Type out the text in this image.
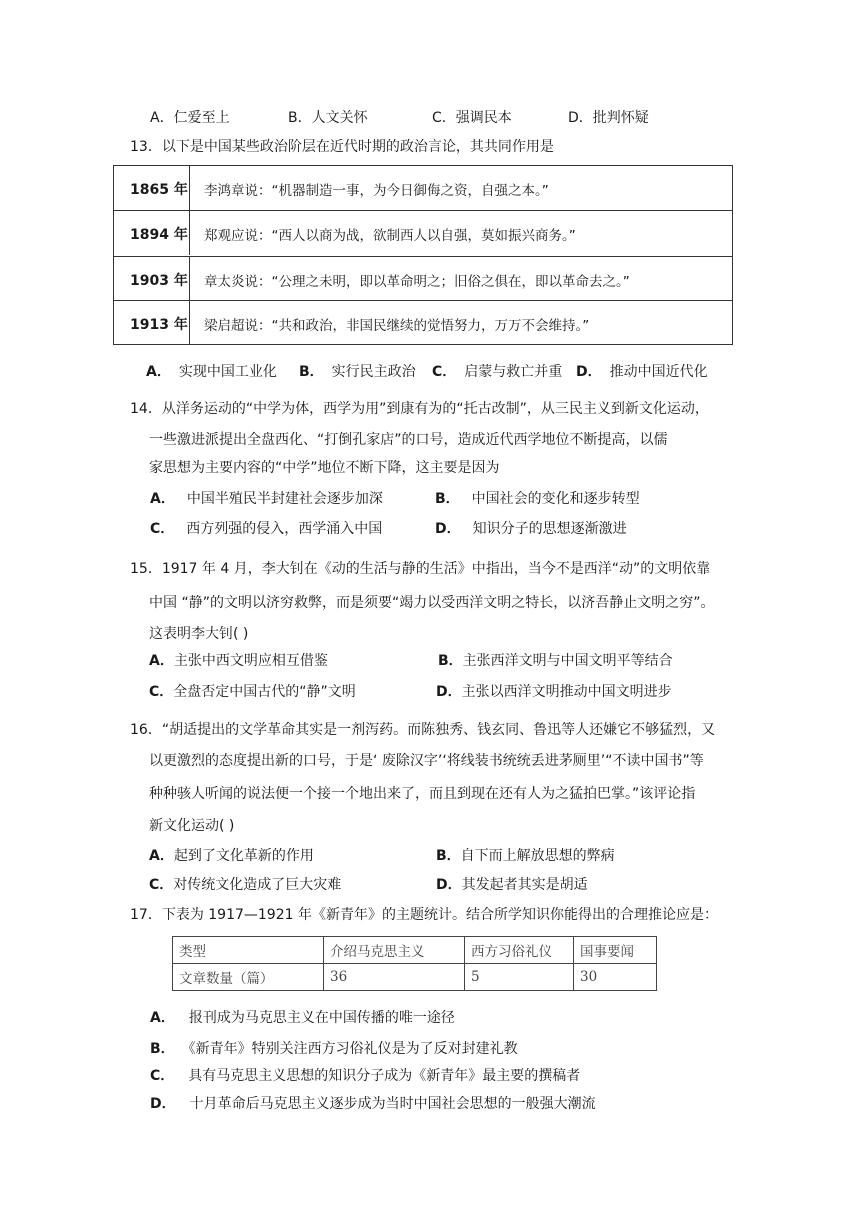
A．仁爱至上	B．人文关怀	C．强调民本	D．批判怀疑
13．以下是中国某些政治阶层在近代时期的政治言论，其共同作用是
1865 年 李鸿章说：“机器制造一事，为今日御侮之资，自强之本。”
1894 年 郑观应说：“西人以商为战，欲制西人以自强，莫如振兴商务。”
1903 年 章太炎说：“公理之未明，即以革命明之；旧俗之俱在，即以革命去之。”
1913 年 梁启超说：“共和政治，非国民继续的觉悟努力，万万不会维持。”
A． 实现中国工业化 B． 实行民主政治 C． 启蒙与救亡并重 D． 推动中国近代化
14．从洋务运动的“中学为体，西学为用”到康有为的“托古改制”，从三民主义到新文化运动，
一些激进派提出全盘西化、“打倒孔家店”的口号，造成近代西学地位不断提高，以儒
家思想为主要内容的“中学”地位不断下降，这主要是因为
A． 中国半殖民半封建社会逐步加深	B． 中国社会的变化和逐步转型
C． 西方列强的侵入，西学涌入中国	D． 知识分子的思想逐渐激进
15．1917 年 4 月，李大钊在《动的生活与静的生活》中指出，当今不是西洋“动”的文明依靠
中国 “静”的文明以济穷救弊，而是须要“竭力以受西洋文明之特长，以济吾静止文明之穷”。
这表明李大钊( )
A．主张中西文明应相互借鉴	B．主张西洋文明与中国文明平等结合
C．全盘否定中国古代的“静”文明	D．主张以西洋文明推动中国文明进步
16．“胡适提出的文学革命其实是一剂泻药。而陈独秀、钱玄同、鲁迅等人还嫌它不够猛烈，又
以更激烈的态度提出新的口号，于是‘ 废除汉字’‘将线装书统统丢进茅厕里’“不读中国书”等
种种骇人听闻的说法便一个接一个地出来了，而且到现在还有人为之猛拍巴掌。”该评论指
新文化运动( )
A．起到了文化革新的作用	B．自下而上解放思想的弊病
C．对传统文化造成了巨大灾难	D．其发起者其实是胡适
17．下表为 1917—1921 年《新青年》的主题统计。结合所学知识你能得出的合理推论应是：
类型	介绍马克思主义	西方习俗礼仪	国事要闻
文章数量（篇）	36	5	30
A． 报刊成为马克思主义在中国传播的唯一途径
B． 《新青年》特别关注西方习俗礼仪是为了反对封建礼教
C． 具有马克思主义思想的知识分子成为《新青年》最主要的撰稿者
D． 十月革命后马克思主义逐步成为当时中国社会思想的一般强大潮流
